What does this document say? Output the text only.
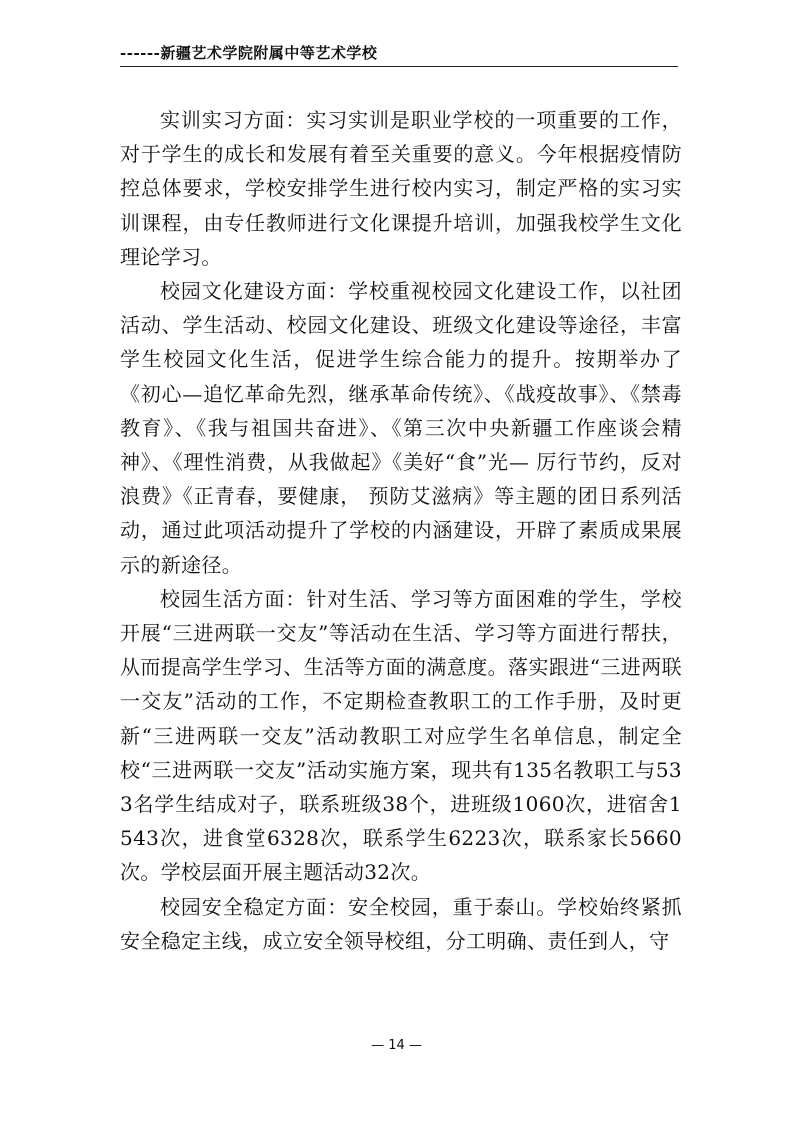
------新疆艺术学院附属中等艺术学校

实训实习方面：实习实训是职业学校的一项重要的工作，对于学生的成长和发展有着至关重要的意义。今年根据疫情防控总体要求，学校安排学生进行校内实习，制定严格的实习实训课程，由专任教师进行文化课提升培训，加强我校学生文化理论学习。

校园文化建设方面：学校重视校园文化建设工作，以社团活动、学生活动、校园文化建设、班级文化建设等途径，丰富学生校园文化生活，促进学生综合能力的提升。按期举办了《初心—追忆革命先烈，继承革命传统》、《战疫故事》、《禁毒教育》、《我与祖国共奋进》、《第三次中央新疆工作座谈会精神》、《理性消费，从我做起》《美好“食”光— 厉行节约，反对浪费》《正青春，要健康， 预防艾滋病》等主题的团日系列活动，通过此项活动提升了学校的内涵建设，开辟了素质成果展示的新途径。

校园生活方面：针对生活、学习等方面困难的学生，学校开展“三进两联一交友”等活动在生活、学习等方面进行帮扶，从而提高学生学习、生活等方面的满意度。落实跟进“三进两联一交友”活动的工作，不定期检查教职工的工作手册，及时更新“三进两联一交友”活动教职工对应学生名单信息，制定全校“三进两联一交友”活动实施方案，现共有135名教职工与533名学生结成对子，联系班级38个，进班级1060次，进宿舍1543次，进食堂6328次，联系学生6223次，联系家长5660次。学校层面开展主题活动32次。

校园安全稳定方面：安全校园，重于泰山。学校始终紧抓安全稳定主线，成立安全领导校组，分工明确、责任到人，守

— 14 —
